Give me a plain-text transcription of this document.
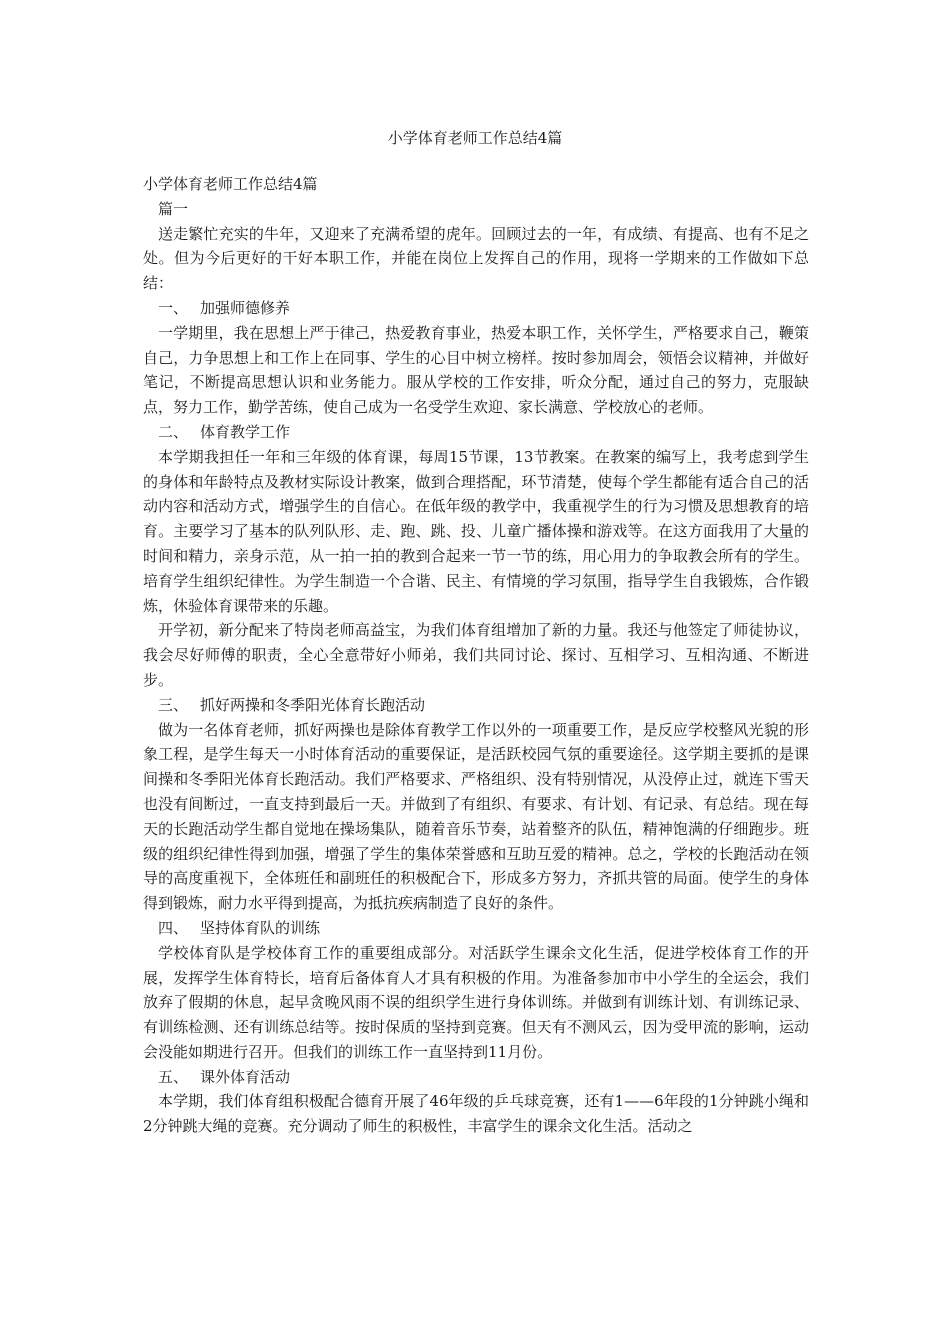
小学体育老师工作总结4篇

小学体育老师工作总结4篇

篇一

送走繁忙充实的牛年，又迎来了充满希望的虎年。回顾过去的一年，有成绩、有提高、也有不足之处。但为今后更好的干好本职工作，并能在岗位上发挥自己的作用，现将一学期来的工作做如下总结：

一、 加强师德修养

一学期里，我在思想上严于律己，热爱教育事业，热爱本职工作，关怀学生，严格要求自己，鞭策自己，力争思想上和工作上在同事、学生的心目中树立榜样。按时参加周会，领悟会议精神，并做好笔记，不断提高思想认识和业务能力。服从学校的工作安排，听众分配，通过自己的努力，克服缺点，努力工作，勤学苦练，使自己成为一名受学生欢迎、家长满意、学校放心的老师。

二、 体育教学工作

本学期我担任一年和三年级的体育课，每周15节课，13节教案。在教案的编写上，我考虑到学生的身体和年龄特点及教材实际设计教案，做到合理搭配，环节清楚，使每个学生都能有适合自己的活动内容和活动方式，增强学生的自信心。在低年级的教学中，我重视学生的行为习惯及思想教育的培育。主要学习了基本的队列队形、走、跑、跳、投、儿童广播体操和游戏等。在这方面我用了大量的时间和精力，亲身示范，从一拍一拍的教到合起来一节一节的练，用心用力的争取教会所有的学生。培育学生组织纪律性。为学生制造一个合谐、民主、有情境的学习氛围，指导学生自我锻炼，合作锻炼，休验体育课带来的乐趣。

开学初，新分配来了特岗老师高益宝，为我们体育组增加了新的力量。我还与他签定了师徒协议，我会尽好师傅的职责，全心全意带好小师弟，我们共同讨论、探讨、互相学习、互相沟通、不断进步。

三、 抓好两操和冬季阳光体育长跑活动

做为一名体育老师，抓好两操也是除体育教学工作以外的一项重要工作，是反应学校整风光貌的形象工程，是学生每天一小时体育活动的重要保证，是活跃校园气氛的重要途径。这学期主要抓的是课间操和冬季阳光体育长跑活动。我们严格要求、严格组织、没有特别情况，从没停止过，就连下雪天也没有间断过，一直支持到最后一天。并做到了有组织、有要求、有计划、有记录、有总结。现在每天的长跑活动学生都自觉地在操场集队，随着音乐节奏，站着整齐的队伍，精神饱满的仔细跑步。班级的组织纪律性得到加强，增强了学生的集体荣誉感和互助互爱的精神。总之，学校的长跑活动在领导的高度重视下，全体班任和副班任的积极配合下，形成多方努力，齐抓共管的局面。使学生的身体得到锻炼，耐力水平得到提高，为抵抗疾病制造了良好的条件。

四、 坚持体育队的训练

学校体育队是学校体育工作的重要组成部分。对活跃学生课余文化生活，促进学校体育工作的开展，发挥学生体育特长，培育后备体育人才具有积极的作用。为准备参加市中小学生的全运会，我们放弃了假期的休息，起早贪晚风雨不误的组织学生进行身体训练。并做到有训练计划、有训练记录、有训练检测、还有训练总结等。按时保质的坚持到竞赛。但天有不测风云，因为受甲流的影响，运动会没能如期进行召开。但我们的训练工作一直坚持到11月份。

五、 课外体育活动

本学期，我们体育组积极配合德育开展了46年级的乒乓球竞赛，还有1——6年段的1分钟跳小绳和2分钟跳大绳的竞赛。充分调动了师生的积极性，丰富学生的课余文化生活。活动之
